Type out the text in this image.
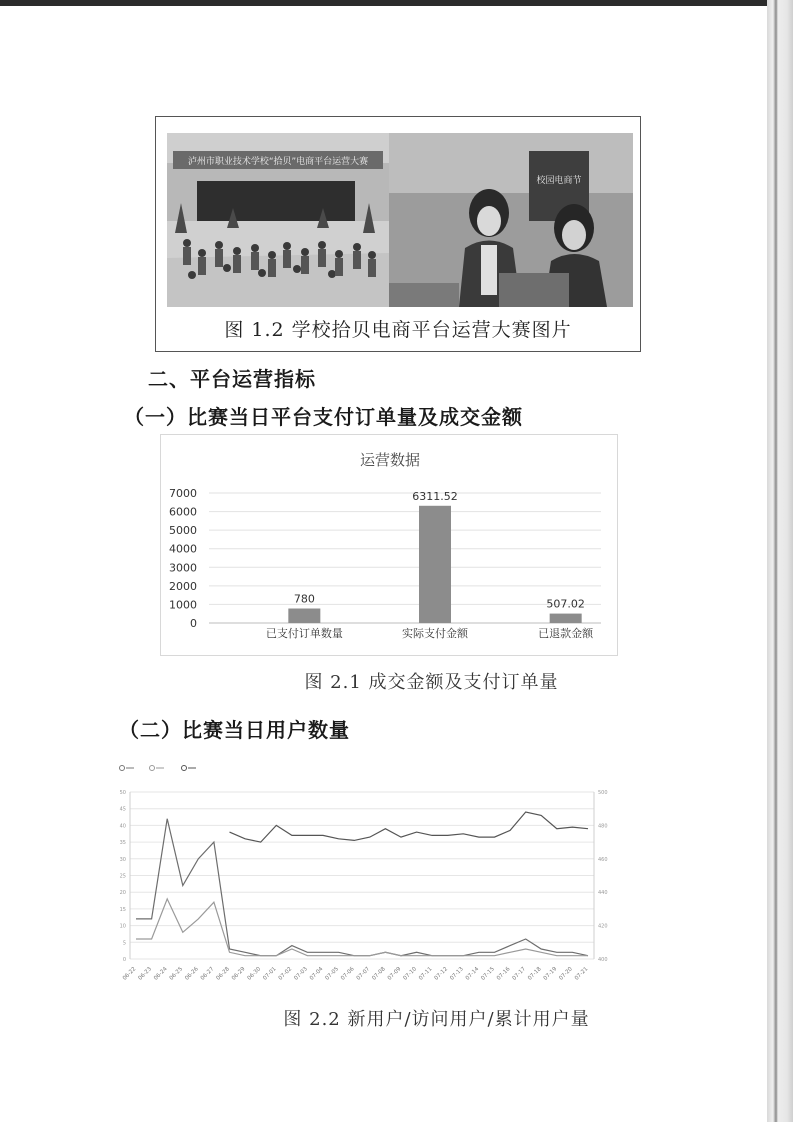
泸州市职业技术学校“拾贝”电商平台运营大赛
校园电商节
图 1.2 学校拾贝电商平台运营大赛图片
二、平台运营指标
（一）比赛当日平台支付订单量及成交金额
运营数据
7000
6000
5000
4000
3000
2000
1000
0
780
6311.52
507.02
已支付订单数量	实际支付金额	已退款金额
图 2.1 成交金额及支付订单量
（二）比赛当日用户数量
50
45
40
35
30
25
20
15
10
5
0
500
480
460
440
420
400
06-22 06-23 06-24 06-25 06-26 06-27 06-28 06-29 06-30 07-01 07-02 07-03 07-04 07-05 07-06 07-07 07-08 07-09 07-10 07-11 07-12 07-13 07-14 07-15 07-16 07-17 07-18 07-19 07-20 07-21
图 2.2 新用户/访问用户/累计用户量
